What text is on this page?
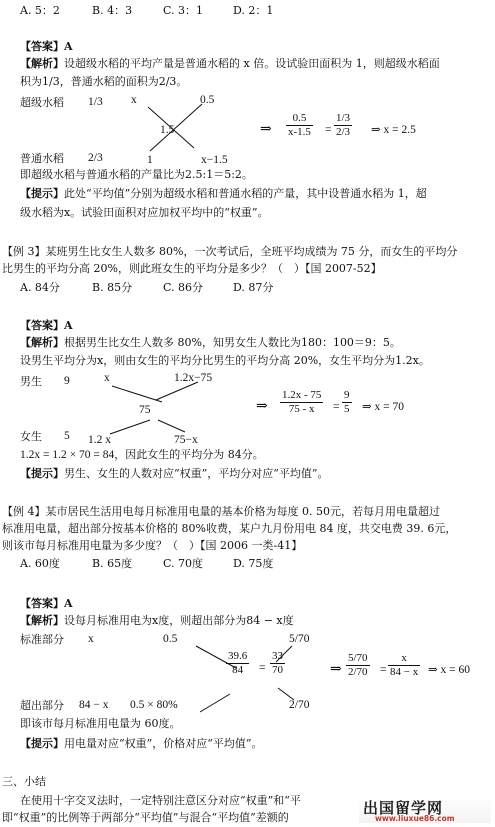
A. 5：2	B. 4：3	C. 3：1	D. 2：1
【答案】A
【解析】设超级水稻的平均产量是普通水稻的 x 倍。设试验田面积为 1，则超级水稻面
积为1/3，普通水稻的面积为2/3。
超级水稻 1/3 x	0.5
1.5
1	x−1.5
普通水稻 2/3
⇒ $\frac{0.5}{x-1.5} = \frac{1/3}{2/3}$ ⇒ x = 2.5
即超级水稻与普通水稻的产量比为2.5:1＝5:2。
【提示】此处“平均值”分别为超级水稻和普通水稻的产量，其中设普通水稻为 1，超
级水稻为x。试验田面积对应加权平均中的“权重”。
【例 3】某班男生比女生人数多 80%，一次考试后，全班平均成绩为 75 分，而女生的平均分
比男生的平均分高 20%，则此班女生的平均分是多少？（　）【国 2007-52】
A. 84分	B. 85分	C. 86分	D. 87分
【答案】A
【解析】根据男生比女生人数多 80%，知男女生人数比为180：100＝9：5。
设男生平均分为x，则由女生的平均分比男生的平均分高 20%，女生平均分为1.2x。
男生 9	x	1.2x−75
75
女生 5 1.2 x	75−x
⇒ $\frac{1.2x - 75}{75 - x} = \frac{9}{5}$ ⇒ x = 70
1.2x = 1.2 × 70 = 84，因此女生的平均分为 84分。
【提示】男生、女生的人数对应“权重”，平均分对应“平均值”。
【例 4】某市居民生活用电每月标准用电量的基本价格为每度 0. 50元，若每月用电量超过
标准用电量，超出部分按基本价格的 80%收费，某户九月份用电 84 度，共交电费 39. 6元，
则该市每月标准用电量为多少度？（　）【国 2006 一类-41】
A. 60度	B. 65度	C. 70度	D. 75度
【答案】A
【解析】设每月标准用电为x度，则超出部分为84 − x度
标准部分 x	0.5	5/70
$\frac{39.6}{84} = \frac{33}{70}$
2/70
超出部分 84 − x 0.5 × 80%
⇒ $\frac{5/70}{2/70} = \frac{x}{84 - x}$ ⇒ x = 60
即该市每月标准用电量为 60度。
【提示】用电量对应“权重”，价格对应“平均值”。
三、小结
在使用十字交叉法时，一定特别注意区分对应“权重”和“平
即“权重”的比例等于两部分“平均值”与混合“平均值”差额的
出国留学网
www.liuxue86.com
